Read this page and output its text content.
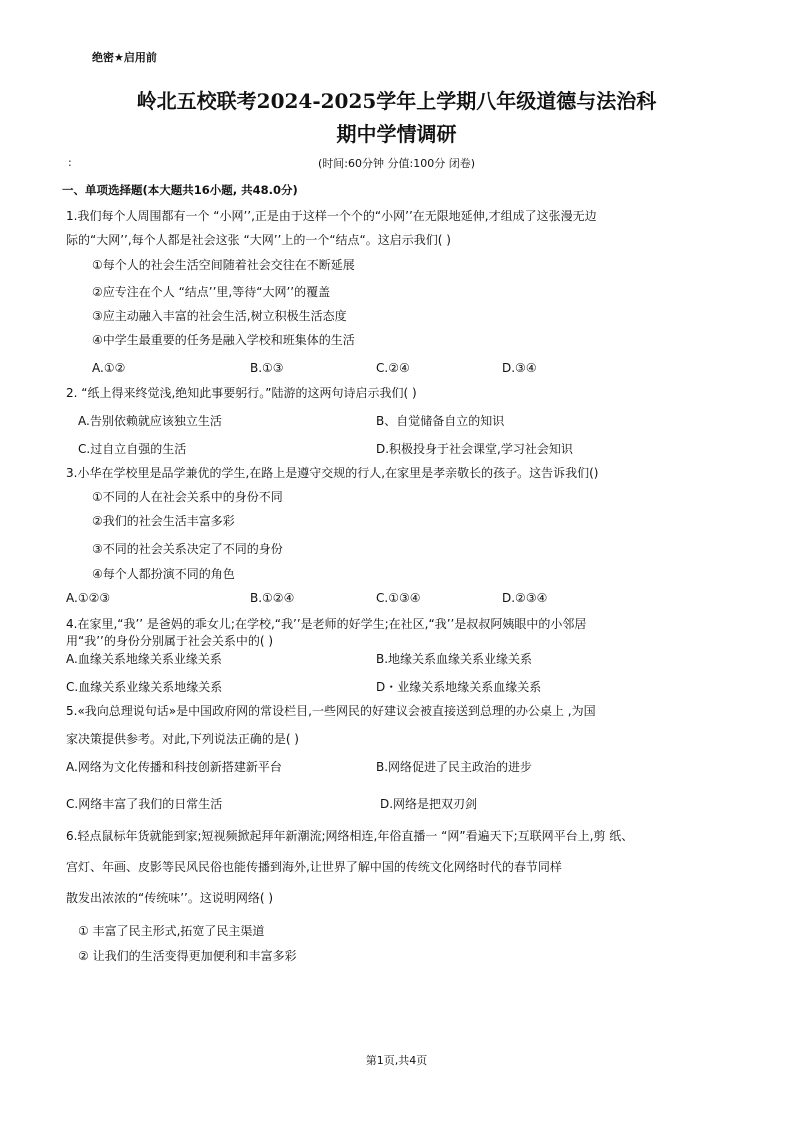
绝密★启用前
岭北五校联考2024-2025学年上学期八年级道德与法治科
期中学情调研
:	(时间:60分钟 分值:100分 闭卷)
一、单项选择题(本大题共16小题, 共48.0分)
1.我们每个人周围都有一个 “小网’’,正是由于这样一个个的“小网’’在无限地延伸,才组成了这张漫无边
际的“大网’’,每个人都是社会这张 “大网’’上的一个“结点“。这启示我们( )
①每个人的社会生活空间随着社会交往在不断延展
②应专注在个人 “结点’’里,等待“大网’’的覆盖
③应主动融入丰富的社会生活,树立积极生活态度
④中学生最重要的任务是融入学校和班集体的生活
A.①②	B.①③	C.②④	D.③④
2. “纸上得来终觉浅,绝知此事要躬行。”陆游的这两句诗启示我们( )
A.告别依赖就应该独立生活	B、自觉储备自立的知识
C.过自立自强的生活	D.积极投身于社会课堂,学习社会知识
3.小华在学校里是品学兼优的学生,在路上是遵守交规的行人,在家里是孝亲敬长的孩子。这告诉我们()
①不同的人在社会关系中的身份不同
②我们的社会生活丰富多彩
③不同的社会关系决定了不同的身份
④每个人都扮演不同的角色
A.①②③	B.①②④	C.①③④	D.②③④
4.在家里,“我’’ 是爸妈的乖女儿;在学校,“我’’是老师的好学生;在社区,“我’’是叔叔阿姨眼中的小邻居
用“我’’的身份分别属于社会关系中的( )
A.血缘关系地缘关系业缘关系	B.地缘关系血缘关系业缘关系
C.血缘关系业缘关系地缘关系	D・业缘关系地缘关系血缘关系
5.«我向总理说句话»是中国政府网的常设栏目,一些网民的好建议会被直接送到总理的办公桌上 ,为国
家决策提供参考。对此,下列说法正确的是( )
A.网络为文化传播和科技创新搭建新平台	B.网络促进了民主政治的进步
C.网络丰富了我们的日常生活	D.网络是把双刃剑
6.轻点鼠标年货就能到家;短视频掀起拜年新潮流;网络相连,年俗直播一 “网”看遍天下;互联网平台上,剪 纸、
宫灯、年画、皮影等民风民俗也能传播到海外,让世界了解中国的传统文化网络时代的春节同样
散发出浓浓的“传统味’’。这说明网络( )
① 丰富了民主形式,拓宽了民主渠道
② 让我们的生活变得更加便利和丰富多彩
第1页,共4页
